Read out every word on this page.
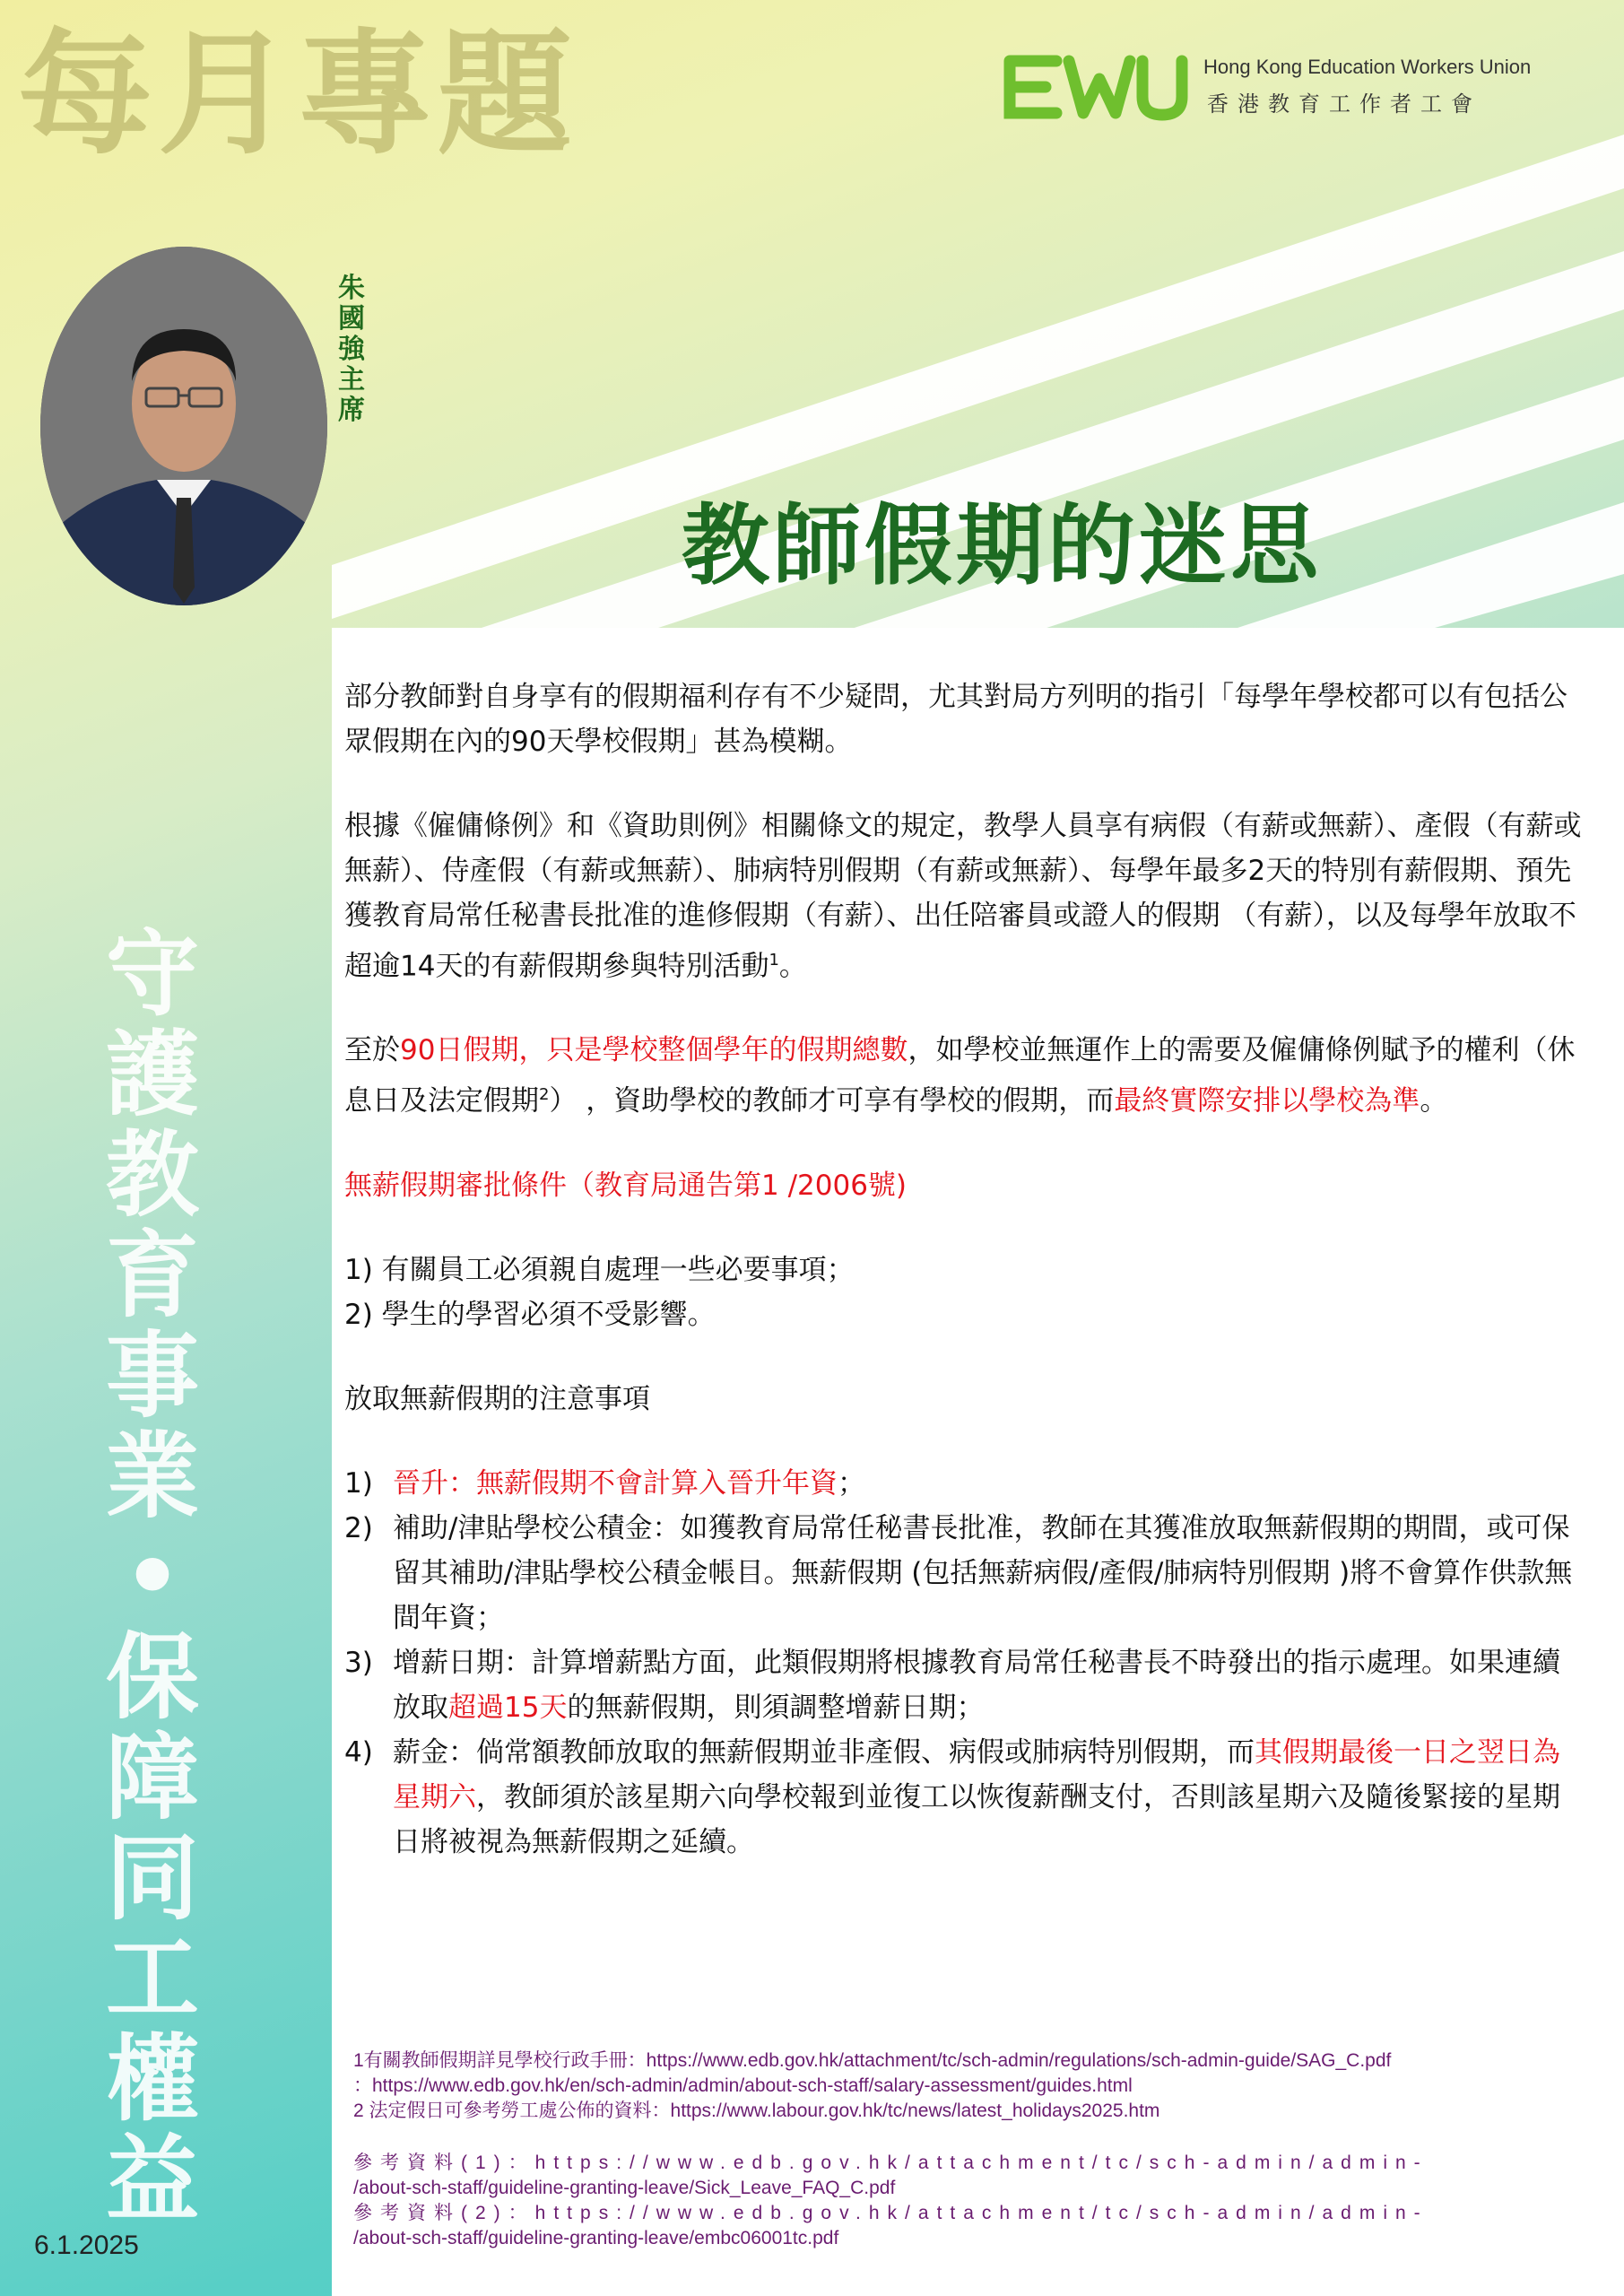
每月專題	Hong Kong Education Workers Union
香港教育工作者工會
朱國強主席
教師假期的迷思
守
護
教
育
事
業
•
保
障
同
工
權
益
6.1.2025

部分教師對自身享有的假期福利存有不少疑問，尤其對局方列明的指引「每學年學校都可以有包括公眾假期在內的90天學校假期」甚為模糊。

根據《僱傭條例》和《資助則例》相關條文的規定，教學人員享有病假（有薪或無薪）、產假（有薪或無薪）、侍產假（有薪或無薪）、肺病特別假期（有薪或無薪）、每學年最多2天的特別有薪假期、預先獲教育局常任秘書長批准的進修假期（有薪）、出任陪審員或證人的假期 （有薪），以及每學年放取不超逾14天的有薪假期參與特別活動$^1$。

至於90日假期，只是學校整個學年的假期總數，如學校並無運作上的需要及僱傭條例賦予的權利（休息日及法定假期$^2$） ，資助學校的教師才可享有學校的假期，而最終實際安排以學校為準。

無薪假期審批條件（教育局通告第1 /2006號)

1) 有關員工必須親自處理一些必要事項；
2) 學生的學習必須不受影響。

放取無薪假期的注意事項

1) 晉升：無薪假期不會計算入晉升年資；
2) 補助/津貼學校公積金：如獲教育局常任秘書長批准，教師在其獲准放取無薪假期的期間，或可保留其補助/津貼學校公積金帳目。無薪假期 (包括無薪病假/產假/肺病特別假期 )將不會算作供款無間年資；
3) 增薪日期：計算增薪點方面，此類假期將根據教育局常任秘書長不時發出的指示處理。如果連續放取超過15天的無薪假期，則須調整增薪日期；
4) 薪金：倘常額教師放取的無薪假期並非產假、病假或肺病特別假期，而其假期最後一日之翌日為星期六，教師須於該星期六向學校報到並復工以恢復薪酬支付，否則該星期六及隨後緊接的星期日將被視為無薪假期之延續。
1有關教師假期詳見學校行政手冊：https://www.edb.gov.hk/attachment/tc/sch-admin/regulations/sch-admin-guide/SAG_C.pdf
：https://www.edb.gov.hk/en/sch-admin/admin/about-sch-staff/salary-assessment/guides.html
2 法定假日可參考勞工處公佈的資料：https://www.labour.gov.hk/tc/news/latest_holidays2025.htm
參考資料(1)：https://www.edb.gov.hk/attachment/tc/sch-admin/admin-
/about-sch-staff/guideline-granting-leave/Sick_Leave_FAQ_C.pdf
參考資料(2)：https://www.edb.gov.hk/attachment/tc/sch-admin/admin-
/about-sch-staff/guideline-granting-leave/embc06001tc.pdf
